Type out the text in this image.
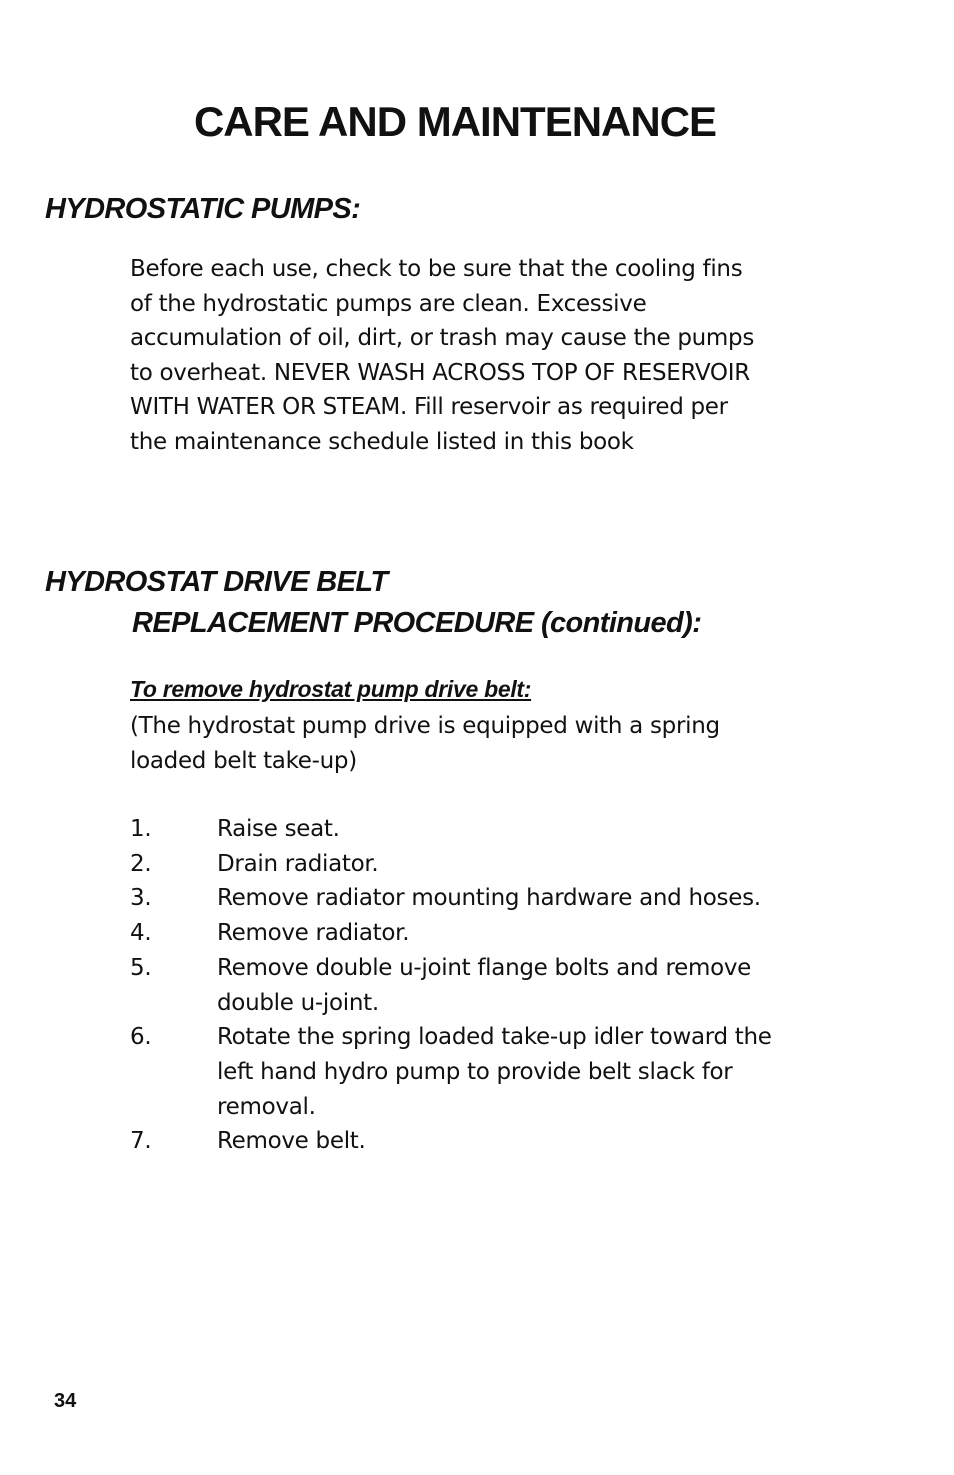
CARE AND MAINTENANCE
HYDROSTATIC PUMPS:
Before each use, check to be sure that the cooling fins
of the hydrostatic pumps are clean. Excessive
accumulation of oil, dirt, or trash may cause the pumps
to overheat. NEVER WASH ACROSS TOP OF RESERVOIR
WITH WATER OR STEAM. Fill reservoir as required per
the maintenance schedule listed in this book
HYDROSTAT DRIVE BELT
REPLACEMENT PROCEDURE (continued):

To remove hydrostat pump drive belt:

(The hydrostat pump drive is equipped with a spring
loaded belt take-up)
1.	Raise seat.
2.	Drain radiator.
3.	Remove radiator mounting hardware and hoses.
4.	Remove radiator.
5.	Remove double u-joint flange bolts and remove
double u-joint.
6.	Rotate the spring loaded take-up idler toward the
left hand hydro pump to provide belt slack for
removal.
7.	Remove belt.

34
